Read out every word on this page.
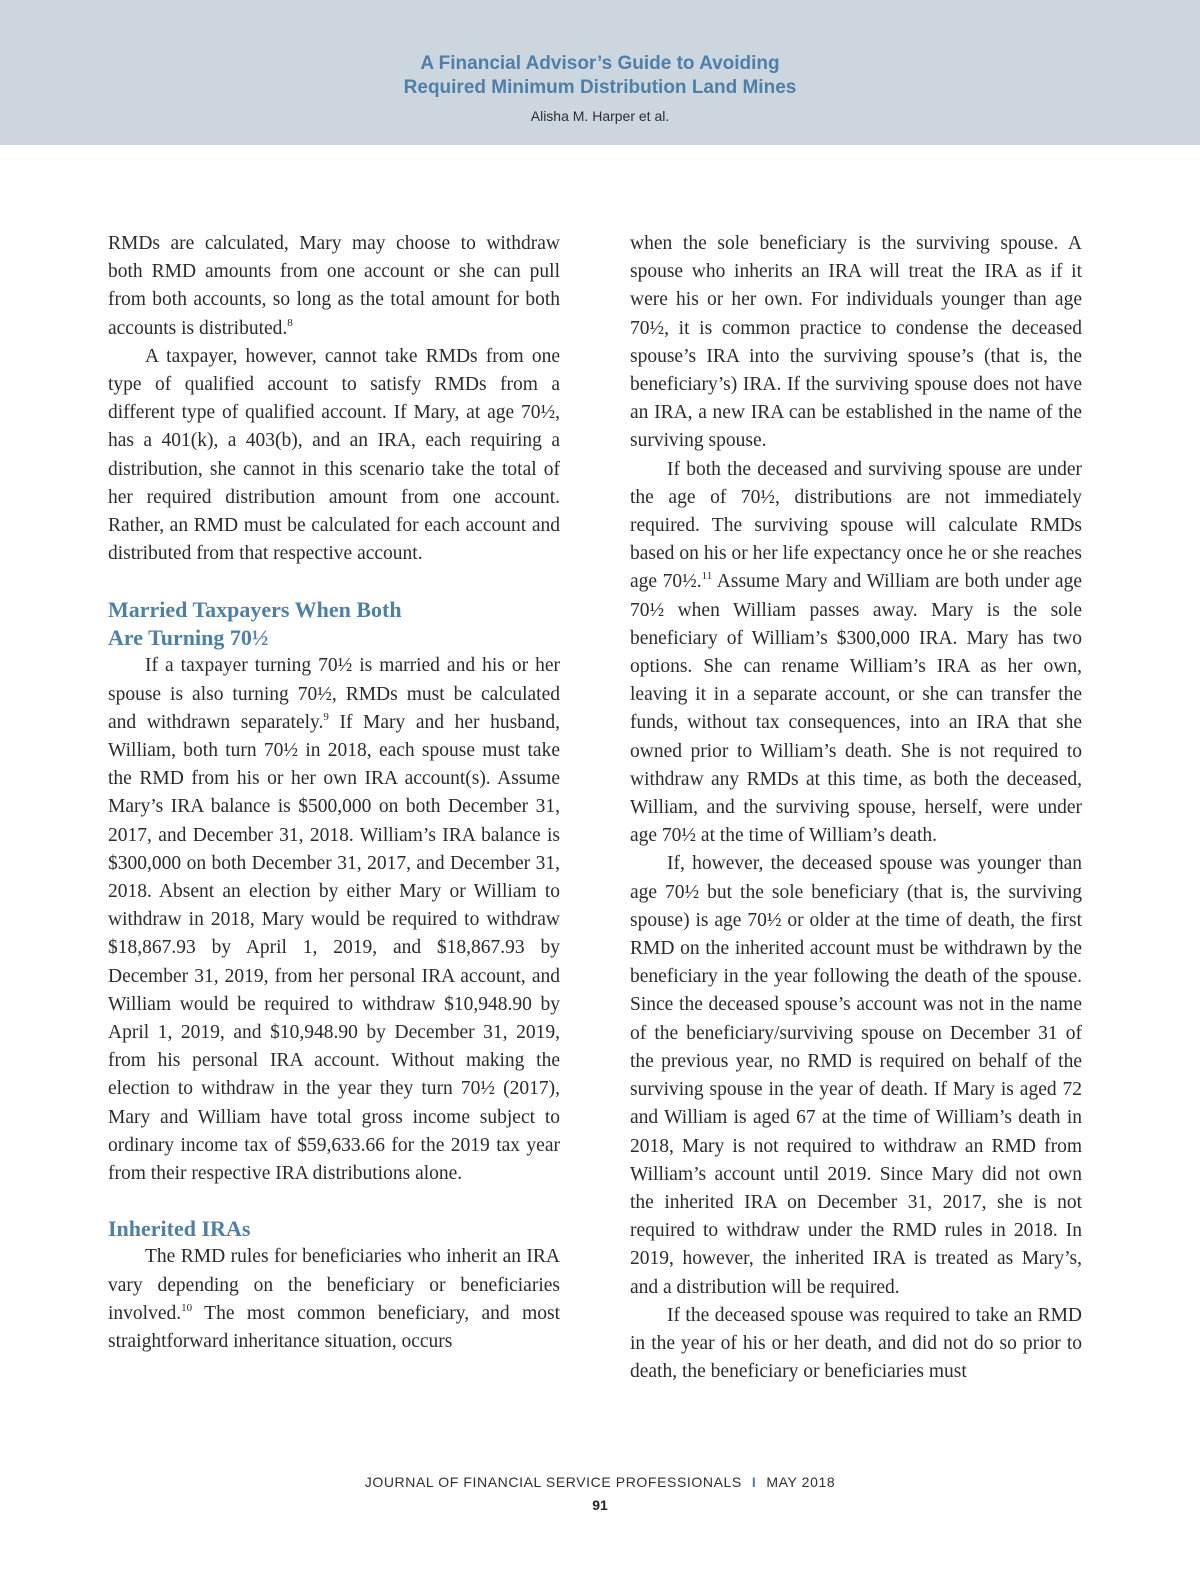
A Financial Advisor’s Guide to Avoiding
Required Minimum Distribution Land Mines
Alisha M. Harper et al.

RMDs are calculated, Mary may choose to withdraw both RMD amounts from one account or she can pull from both accounts, so long as the total amount for both accounts is distributed.$^8$

A taxpayer, however, cannot take RMDs from one type of qualified account to satisfy RMDs from a different type of qualified account. If Mary, at age 70½, has a 401(k), a 403(b), and an IRA, each requiring a distribution, she cannot in this scenario take the total of her required distribution amount from one account. Rather, an RMD must be calculated for each account and distributed from that respective account.

Married Taxpayers When Both
Are Turning 70½

If a taxpayer turning 70½ is married and his or her spouse is also turning 70½, RMDs must be calculated and withdrawn separately.$^9$ If Mary and her husband, William, both turn 70½ in 2018, each spouse must take the RMD from his or her own IRA account(s). Assume Mary’s IRA balance is $500,000 on both December 31, 2017, and December 31, 2018. William’s IRA balance is $300,000 on both December 31, 2017, and December 31, 2018. Absent an election by either Mary or William to withdraw in 2018, Mary would be required to withdraw $18,867.93 by April 1, 2019, and $18,867.93 by December 31, 2019, from her personal IRA account, and William would be required to withdraw $10,948.90 by April 1, 2019, and $10,948.90 by December 31, 2019, from his personal IRA account. Without making the election to withdraw in the year they turn 70½ (2017), Mary and William have total gross income subject to ordinary income tax of $59,633.66 for the 2019 tax year from their respective IRA distributions alone.

Inherited IRAs

The RMD rules for beneficiaries who inherit an IRA vary depending on the beneficiary or beneficiaries involved.$^{10}$ The most common beneficiary, and most straightforward inheritance situation, occurs

when the sole beneficiary is the surviving spouse. A spouse who inherits an IRA will treat the IRA as if it were his or her own. For individuals younger than age 70½, it is common practice to condense the deceased spouse’s IRA into the surviving spouse’s (that is, the beneficiary’s) IRA. If the surviving spouse does not have an IRA, a new IRA can be established in the name of the surviving spouse.

If both the deceased and surviving spouse are under the age of 70½, distributions are not immediately required. The surviving spouse will calculate RMDs based on his or her life expectancy once he or she reaches age 70½.$^{11}$ Assume Mary and William are both under age 70½ when William passes away. Mary is the sole beneficiary of William’s $300,000 IRA. Mary has two options. She can rename William’s IRA as her own, leaving it in a separate account, or she can transfer the funds, without tax consequences, into an IRA that she owned prior to William’s death. She is not required to withdraw any RMDs at this time, as both the deceased, William, and the surviving spouse, herself, were under age 70½ at the time of William’s death.

If, however, the deceased spouse was younger than age 70½ but the sole beneficiary (that is, the surviving spouse) is age 70½ or older at the time of death, the first RMD on the inherited account must be withdrawn by the beneficiary in the year following the death of the spouse. Since the deceased spouse’s account was not in the name of the beneficiary/surviving spouse on December 31 of the previous year, no RMD is required on behalf of the surviving spouse in the year of death. If Mary is aged 72 and William is aged 67 at the time of William’s death in 2018, Mary is not required to withdraw an RMD from William’s account until 2019. Since Mary did not own the inherited IRA on December 31, 2017, she is not required to withdraw under the RMD rules in 2018. In 2019, however, the inherited IRA is treated as Mary’s, and a distribution will be required.

If the deceased spouse was required to take an RMD in the year of his or her death, and did not do so prior to death, the beneficiary or beneficiaries must

JOURNAL OF FINANCIAL SERVICE PROFESSIONALS I MAY 2018
91
